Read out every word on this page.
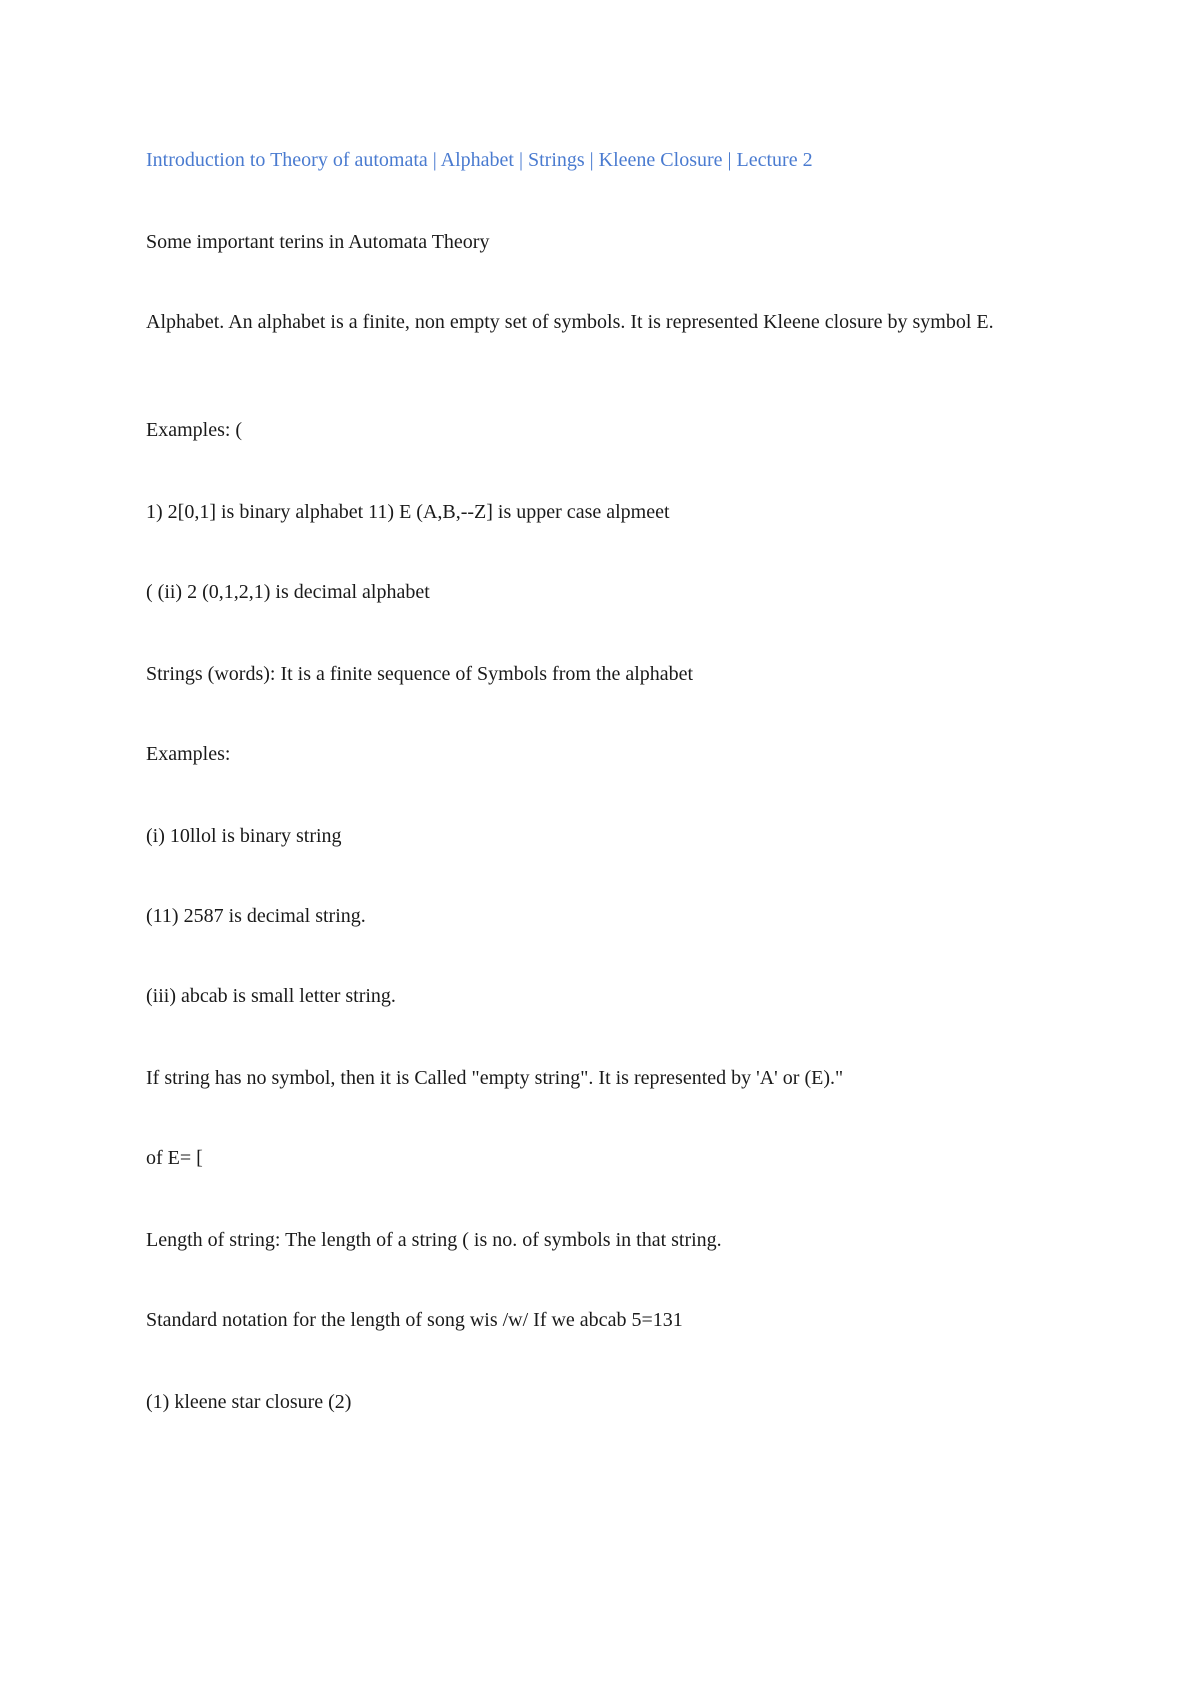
Introduction to Theory of automata | Alphabet | Strings | Kleene Closure | Lecture 2
Some important terins in Automata Theory
Alphabet. An alphabet is a finite, non empty set of symbols. It is represented Kleene closure by symbol E.
Examples: (
1) 2[0,1] is binary alphabet 11) E (A,B,--Z] is upper case alpmeet
( (ii) 2 (0,1,2,1) is decimal alphabet
Strings (words): It is a finite sequence of Symbols from the alphabet
Examples:
(i) 10llol is binary string
(11) 2587 is decimal string.
(iii) abcab is small letter string.
If string has no symbol, then it is Called "empty string". It is represented by 'A' or (E)."
of E= [
Length of string: The length of a string ( is no. of symbols in that string.
Standard notation for the length of song wis /w/ If we abcab 5=131
(1) kleene star closure (2)
